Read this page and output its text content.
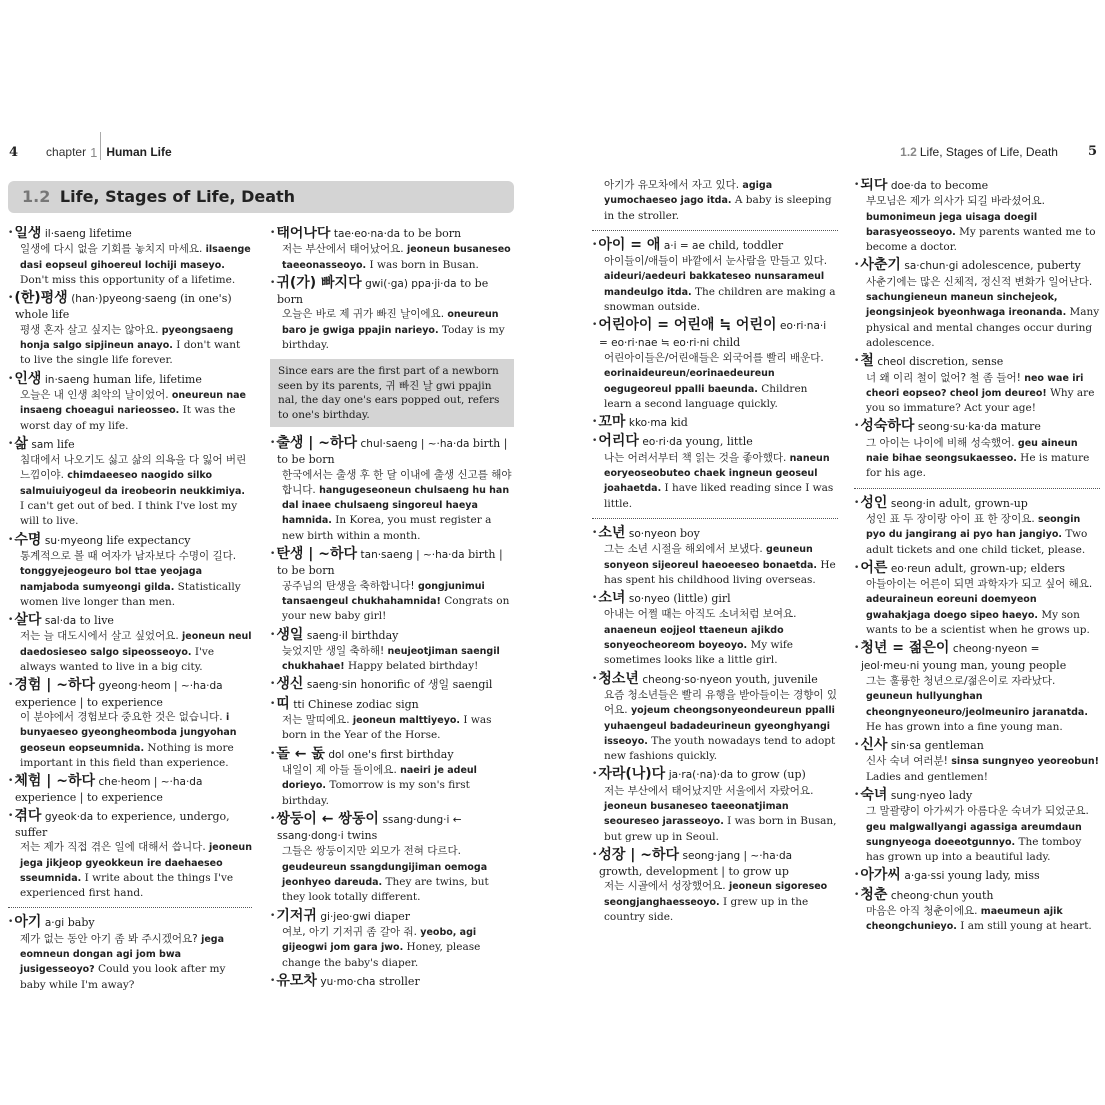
4 chapter 1 Human Life	1.2 Life, Stages of Life, Death 5
1.2 Life, Stages of Life, Death
•일생 il·saeng lifetime
일생에 다시 없을 기회를 놓치지 마세요. ilsaenge dasi eopseul gihoereul lochiji maseyo. Don't miss this opportunity of a lifetime.
•(한)평생 (han·)pyeong·saeng (in one's) whole life
평생 혼자 살고 싶지는 않아요. pyeongsaeng honja salgo sipjineun anayo. I don't want to live the single life forever.
•인생 in·saeng human life, lifetime
오늘은 내 인생 최악의 날이었어. oneureun nae insaeng choeagui narieosseo. It was the worst day of my life.
•삶 sam life
침대에서 나오기도 싫고 삶의 의욕을 다 잃어 버린 느낌이야. chimdaeeseo naogido silko salmuiuiyogeul da ireobeorin neukkimiya. I can't get out of bed. I think I've lost my will to live.
•수명 su·myeong life expectancy
통계적으로 볼 때 여자가 남자보다 수명이 길다. tonggyejeogeuro bol ttae yeojaga namjaboda sumyeongi gilda. Statistically women live longer than men.
•살다 sal·da to live
저는 늘 대도시에서 살고 싶었어요. jeoneun neul daedosieseo salgo sipeosseoyo. I've always wanted to live in a big city.
•경험 | ~하다 gyeong·heom | ~·ha·da experience | to experience
이 분야에서 경험보다 중요한 것은 없습니다. i bunyaeseo gyeongheomboda jungyohan geoseun eopseumnida. Nothing is more important in this field than experience.
•체험 | ~하다 che·heom | ~·ha·da experience | to experience
•겪다 gyeok·da to experience, undergo, suffer
저는 제가 직접 겪은 일에 대해서 씁니다. jeoneun jega jikjeop gyeokkeun ire daehaeseo sseumnida. I write about the things I've experienced first hand.
•아기 a·gi baby
제가 없는 동안 아기 좀 봐 주시겠어요? jega eomneun dongan agi jom bwa jusigesseoyo? Could you look after my baby while I'm away?
•태어나다 tae·eo·na·da to be born
저는 부산에서 태어났어요. jeoneun busaneseo taeeonasseoyo. I was born in Busan.
•귀(가) 빠지다 gwi(·ga) ppa·ji·da to be born
오늘은 바로 제 귀가 빠진 날이에요. oneureun baro je gwiga ppajin narieyo. Today is my birthday.
Since ears are the first part of a newborn seen by its parents, 귀 빠진 날 gwi ppajin nal, the day one's ears popped out, refers to one's birthday.
•출생 | ~하다 chul·saeng | ~·ha·da birth | to be born
한국에서는 출생 후 한 달 이내에 출생 신고를 해야 합니다. hangugeseoneun chulsaeng hu han dal inaee chulsaeng singoreul haeya hamnida. In Korea, you must register a new birth within a month.
•탄생 | ~하다 tan·saeng | ~·ha·da birth | to be born
공주님의 탄생을 축하합니다! gongjunimui tansaengeul chukhahamnida! Congrats on your new baby girl!
•생일 saeng·il birthday
늦었지만 생일 축하해! neujeotjiman saengil chukhahae! Happy belated birthday!
•생신 saeng·sin honorific of 생일 saengil
•띠 tti Chinese zodiac sign
저는 말띠예요. jeoneun malttiyeyo. I was born in the Year of the Horse.
•돌 ← 돐 dol one's first birthday
내일이 제 아들 돌이에요. naeiri je adeul dorieyo. Tomorrow is my son's first birthday.
•쌍둥이 ← 쌍동이 ssang·dung·i ← ssang·dong·i twins
그들은 쌍둥이지만 외모가 전혀 다르다. geudeureun ssangdungijiman oemoga jeonhyeo dareuda. They are twins, but they look totally different.
•기저귀 gi·jeo·gwi diaper
여보, 아기 기저귀 좀 갈아 줘. yeobo, agi gijeogwi jom gara jwo. Honey, please change the baby's diaper.
•유모차 yu·mo·cha stroller
아기가 유모차에서 자고 있다. agiga yumochaeseo jago itda. A baby is sleeping in the stroller.
•아이 = 애 a·i = ae child, toddler
아이들이/애들이 바깥에서 눈사람을 만들고 있다. aideuri/aedeuri bakkateseo nunsarameul mandeulgo itda. The children are making a snowman outside.
•어린아이 = 어린애 ≒ 어린이 eo·ri·na·i = eo·ri·nae ≒ eo·ri·ni child
어린아이들은/어린애들은 외국어를 빨리 배운다. eorinaideureun/eorinaedeureun oegugeoreul ppalli baeunda. Children learn a second language quickly.
•꼬마 kko·ma kid
•어리다 eo·ri·da young, little
나는 어려서부터 책 읽는 것을 좋아했다. naneun eoryeoseobuteo chaek ingneun geoseul joahaetda. I have liked reading since I was little.
•소년 so·nyeon boy
그는 소년 시절을 해외에서 보냈다. geuneun sonyeon sijeoreul haeoeeseo bonaetda. He has spent his childhood living overseas.
•소녀 so·nyeo (little) girl
아내는 어쩔 때는 아직도 소녀처럼 보여요. anaeneun eojjeol ttaeneun ajikdo sonyeocheoreom boyeoyo. My wife sometimes looks like a little girl.
•청소년 cheong·so·nyeon youth, juvenile
요즘 청소년들은 빨리 유행을 받아들이는 경향이 있어요. yojeum cheongsonyeondeureun ppalli yuhaengeul badadeurineun gyeonghyangi isseoyo. The youth nowadays tend to adopt new fashions quickly.
•자라(나)다 ja·ra(·na)·da to grow (up)
저는 부산에서 태어났지만 서울에서 자랐어요. jeoneun busaneseo taeeonatjiman seoureseo jarasseoyo. I was born in Busan, but grew up in Seoul.
•성장 | ~하다 seong·jang | ~·ha·da growth, development | to grow up
저는 시골에서 성장했어요. jeoneun sigoreseo seongjanghaesseoyo. I grew up in the country side.
•되다 doe·da to become
부모님은 제가 의사가 되길 바라셨어요. bumonimeun jega uisaga doegil barasyeosseoyo. My parents wanted me to become a doctor.
•사춘기 sa·chun·gi adolescence, puberty
사춘기에는 많은 신체적, 정신적 변화가 일어난다. sachungieneun maneun sinchejeok, jeongsinjeok byeonhwaga ireonanda. Many physical and mental changes occur during adolescence.
•철 cheol discretion, sense
너 왜 이리 철이 없어? 철 좀 들어! neo wae iri cheori eopseo? cheol jom deureo! Why are you so immature? Act your age!
•성숙하다 seong·su·ka·da mature
그 아이는 나이에 비해 성숙했어. geu aineun naie bihae seongsukaesseo. He is mature for his age.
•성인 seong·in adult, grown-up
성인 표 두 장이랑 아이 표 한 장이요. seongin pyo du jangirang ai pyo han jangiyo. Two adult tickets and one child ticket, please.
•어른 eo·reun adult, grown-up; elders
아들아이는 어른이 되면 과학자가 되고 싶어 해요. adeuraineun eoreuni doemyeon gwahakjaga doego sipeo haeyo. My son wants to be a scientist when he grows up.
•청년 = 젊은이 cheong·nyeon = jeol·meu·ni young man, young people
그는 훌륭한 청년으로/젊은이로 자라났다. geuneun hullyunghan cheongnyeoneuro/jeolmeuniro jaranatda. He has grown into a fine young man.
•신사 sin·sa gentleman
신사 숙녀 여러분! sinsa sungnyeo yeoreobun! Ladies and gentlemen!
•숙녀 sung·nyeo lady
그 말괄량이 아가씨가 아름다운 숙녀가 되었군요. geu malgwallyangi agassiga areumdaun sungnyeoga doeeotgunnyo. The tomboy has grown up into a beautiful lady.
•아가씨 a·ga·ssi young lady, miss
•청춘 cheong·chun youth
마음은 아직 청춘이에요. maeumeun ajik cheongchunieyo. I am still young at heart.
